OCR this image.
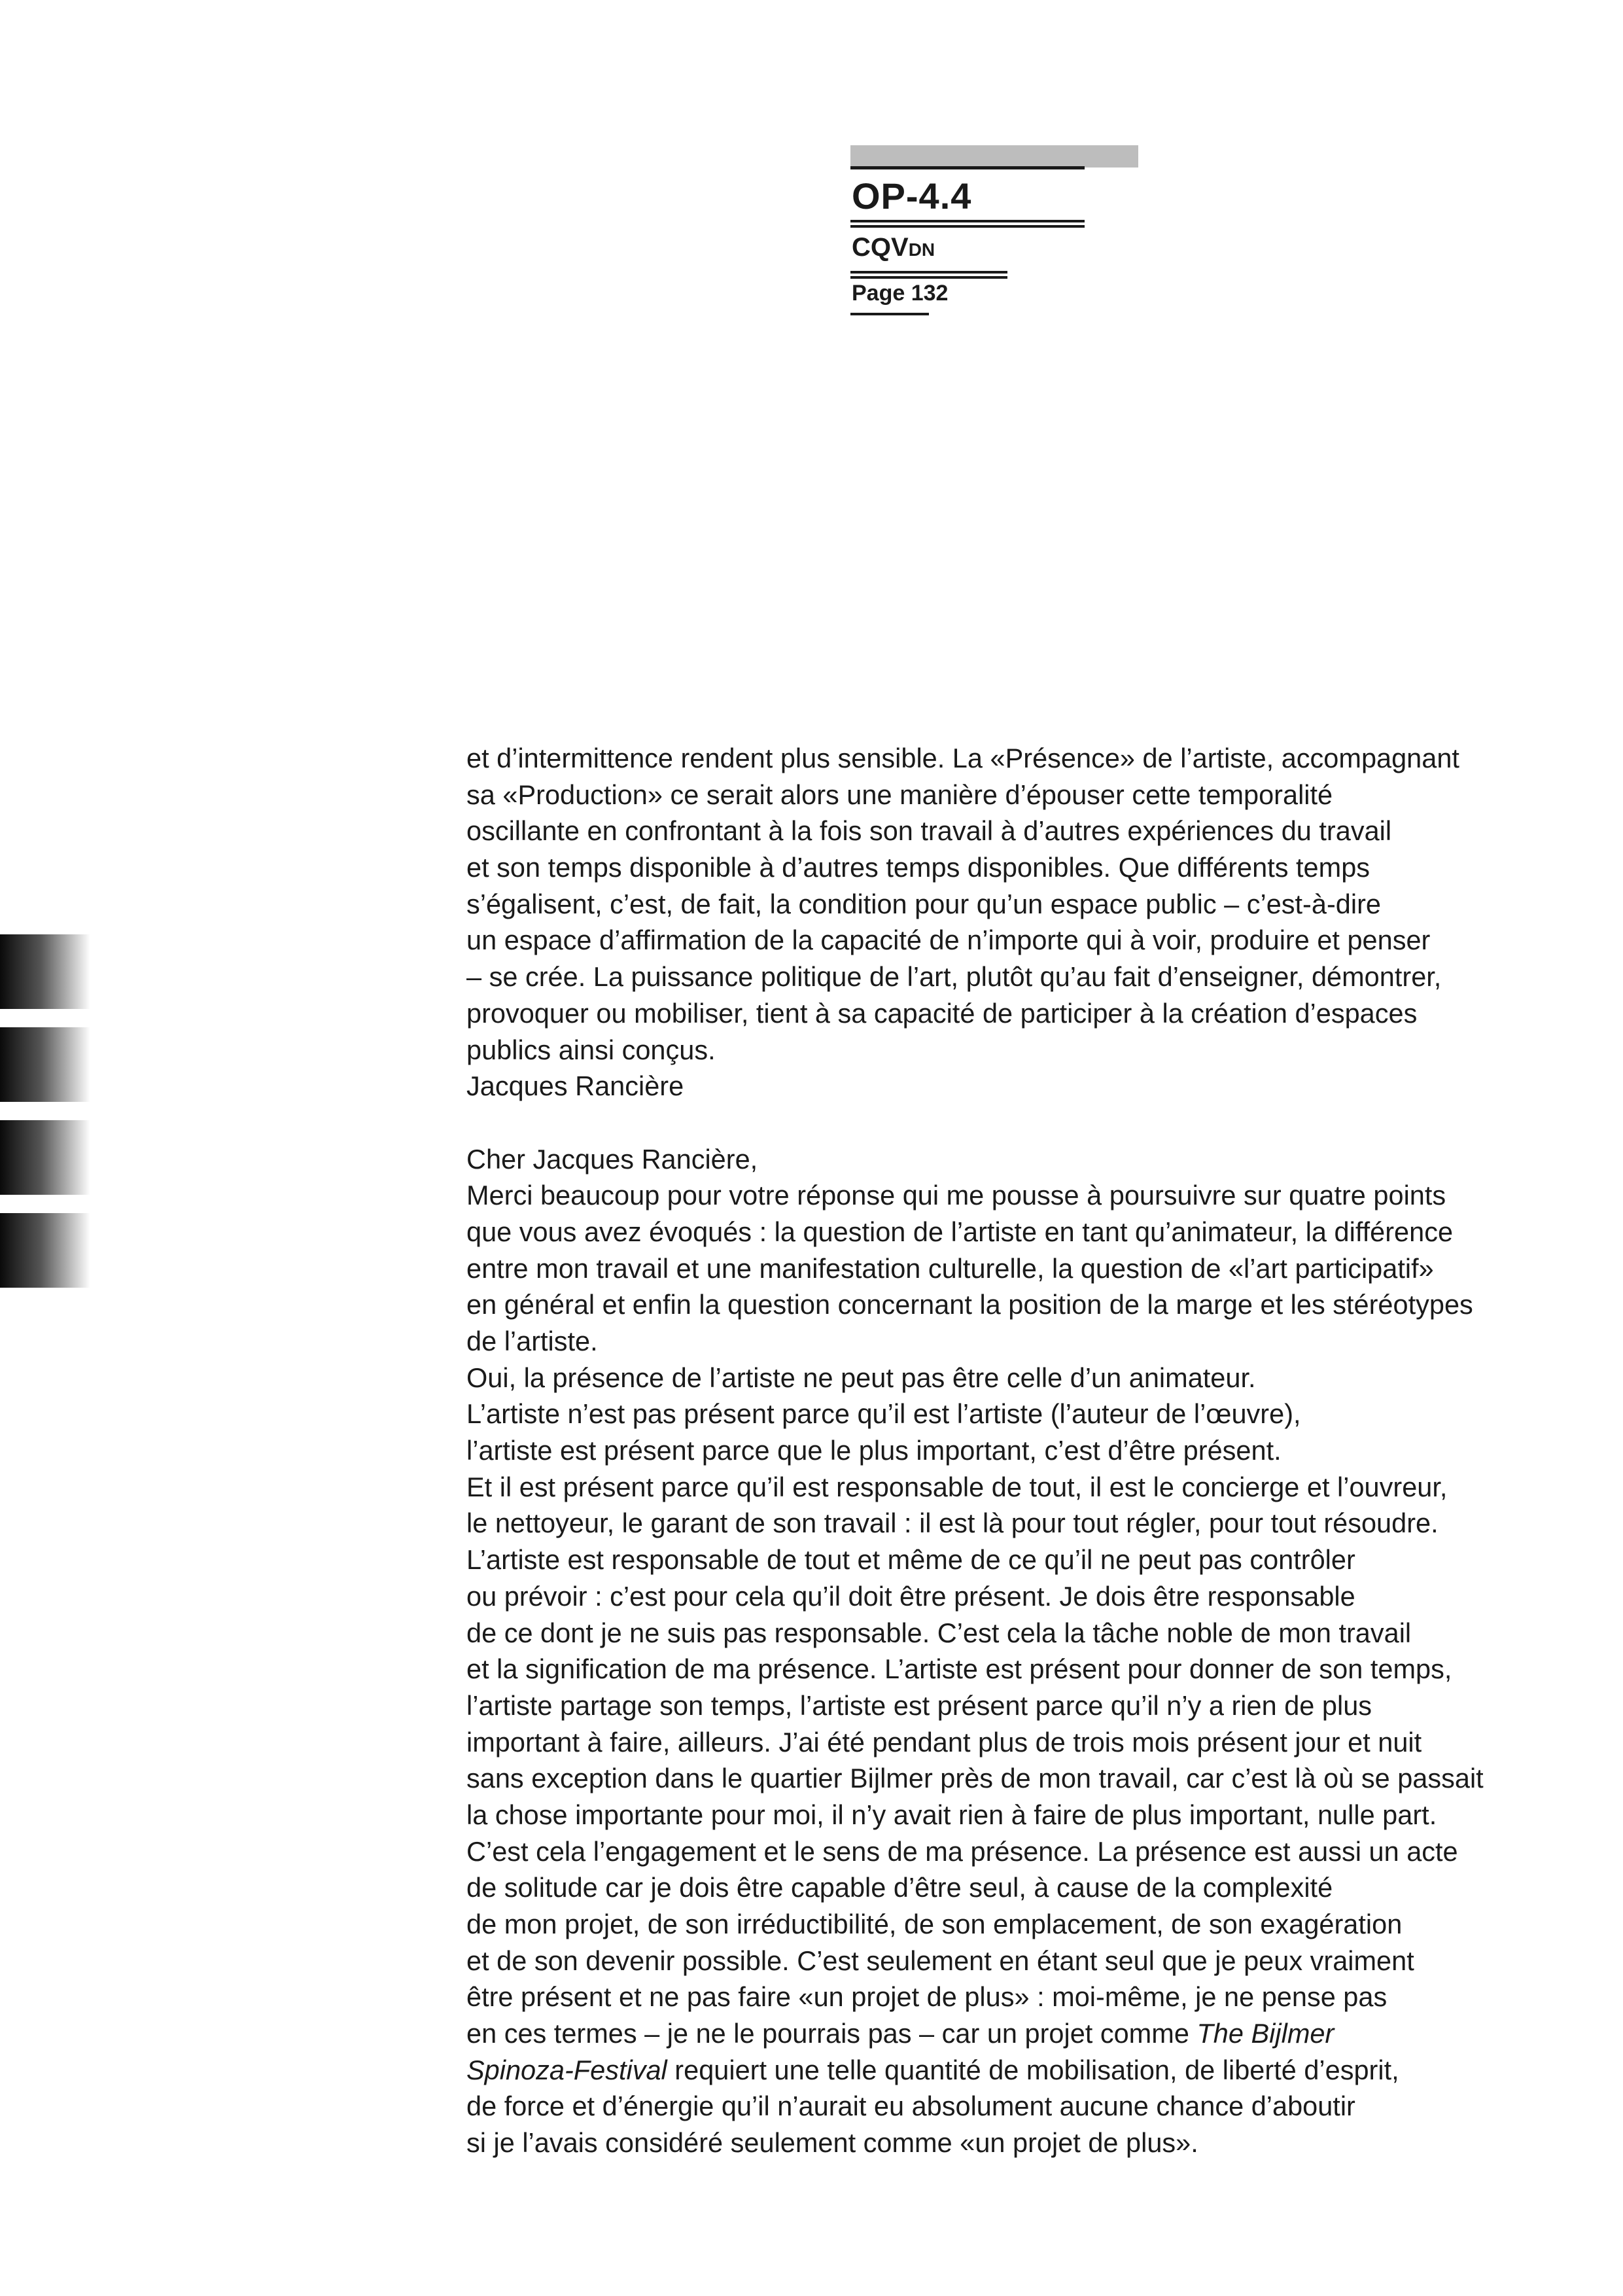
OP-4.4
CQVDN
Page 132
et d’intermittence rendent plus sensible. La «Présence» de l’artiste, accompagnant
sa «Production» ce serait alors une manière d’épouser cette temporalité
oscillante en confrontant à la fois son travail à d’autres expériences du travail
et son temps disponible à d’autres temps disponibles. Que différents temps
s’égalisent, c’est, de fait, la condition pour qu’un espace public – c’est-à-dire
un espace d’affirmation de la capacité de n’importe qui à voir, produire et penser
– se crée. La puissance politique de l’art, plutôt qu’au fait d’enseigner, démontrer,
provoquer ou mobiliser, tient à sa capacité de participer à la création d’espaces
publics ainsi conçus.
Jacques Rancière
Cher Jacques Rancière,
Merci beaucoup pour votre réponse qui me pousse à poursuivre sur quatre points
que vous avez évoqués : la question de l’artiste en tant qu’animateur, la différence
entre mon travail et une manifestation culturelle, la question de «l’art participatif»
en général et enfin la question concernant la position de la marge et les stéréotypes
de l’artiste.
Oui, la présence de l’artiste ne peut pas être celle d’un animateur.
L’artiste n’est pas présent parce qu’il est l’artiste (l’auteur de l’œuvre),
l’artiste est présent parce que le plus important, c’est d’être présent.
Et il est présent parce qu’il est responsable de tout, il est le concierge et l’ouvreur,
le nettoyeur, le garant de son travail : il est là pour tout régler, pour tout résoudre.
L’artiste est responsable de tout et même de ce qu’il ne peut pas contrôler
ou prévoir : c’est pour cela qu’il doit être présent. Je dois être responsable
de ce dont je ne suis pas responsable. C’est cela la tâche noble de mon travail
et la signification de ma présence. L’artiste est présent pour donner de son temps,
l’artiste partage son temps, l’artiste est présent parce qu’il n’y a rien de plus
important à faire, ailleurs. J’ai été pendant plus de trois mois présent jour et nuit
sans exception dans le quartier Bijlmer près de mon travail, car c’est là où se passait
la chose importante pour moi, il n’y avait rien à faire de plus important, nulle part.
C’est cela l’engagement et le sens de ma présence. La présence est aussi un acte
de solitude car je dois être capable d’être seul, à cause de la complexité
de mon projet, de son irréductibilité, de son emplacement, de son exagération
et de son devenir possible. C’est seulement en étant seul que je peux vraiment
être présent et ne pas faire «un projet de plus» : moi-même, je ne pense pas
en ces termes – je ne le pourrais pas – car un projet comme The Bijlmer
Spinoza-Festival requiert une telle quantité de mobilisation, de liberté d’esprit,
de force et d’énergie qu’il n’aurait eu absolument aucune chance d’aboutir
si je l’avais considéré seulement comme «un projet de plus».
